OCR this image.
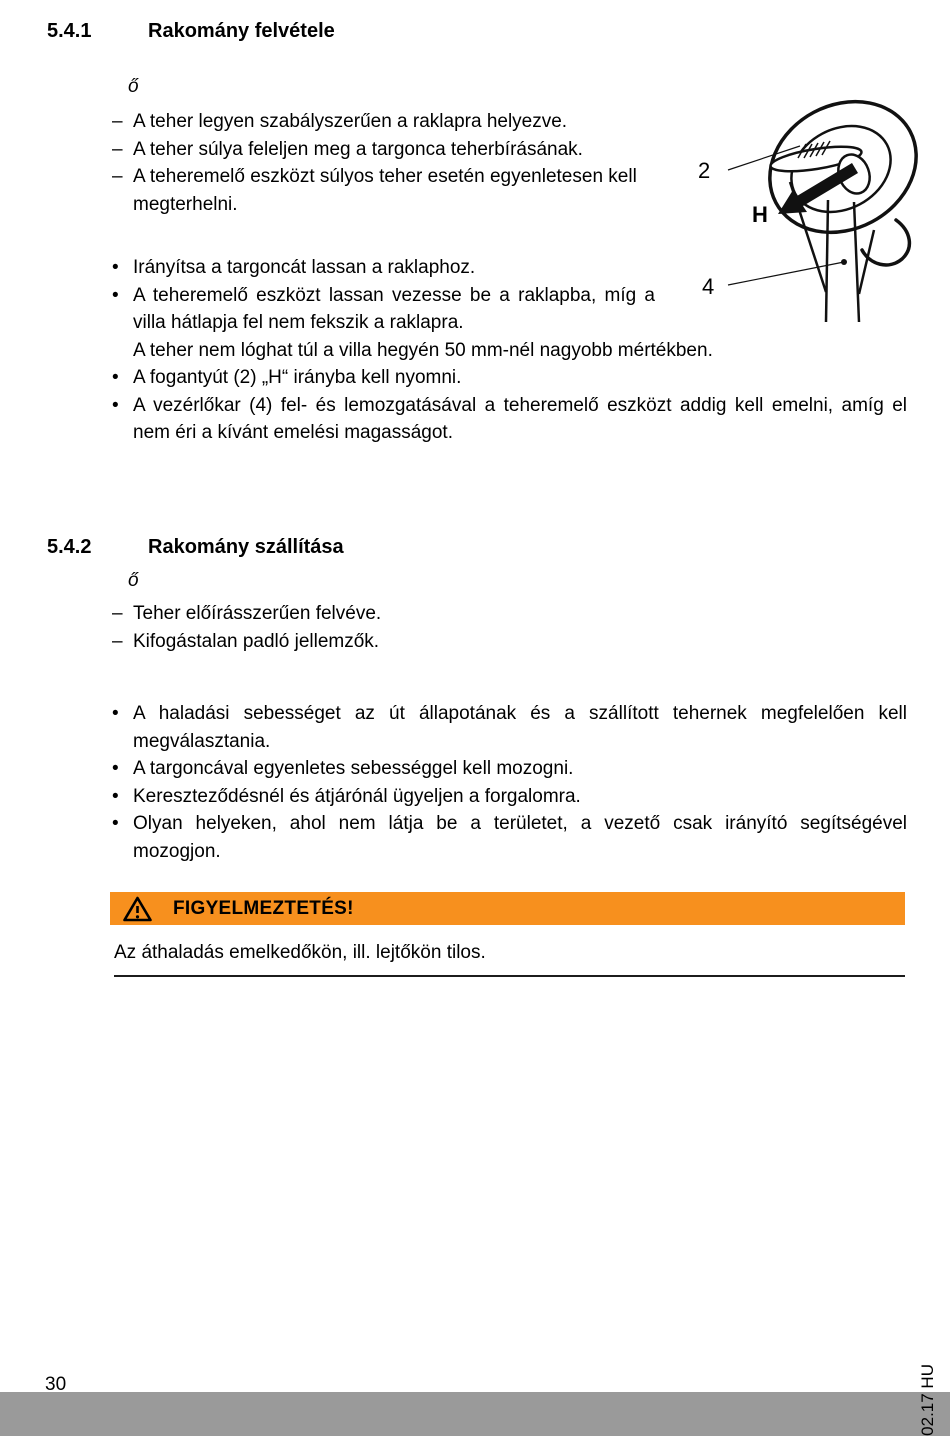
5.4.1	Rakomány felvétele
ő
– A teher legyen szabályszerűen a raklapra helyezve.
– A teher súlya feleljen meg a targonca teherbírásának.
– A teheremelő eszközt súlyos teher esetén egyenletesen kell megterhelni.
• Irányítsa a targoncát lassan a raklaphoz.
• A teheremelő eszközt lassan vezesse be a raklapba, míg a villa hátlapja fel nem fekszik a raklapra.
A teher nem lóghat túl a villa hegyén 50 mm-nél nagyobb mértékben.
• A fogantyút (2) „H“ irányba kell nyomni.
• A vezérlőkar (4) fel- és lemozgatásával a teheremelő eszközt addig kell emelni, amíg el nem éri a kívánt emelési magasságot.
2
H
4
5.4.2	Rakomány szállítása
ő
– Teher előírásszerűen felvéve.
– Kifogástalan padló jellemzők.
• A haladási sebességet az út állapotának és a szállított tehernek megfelelően kell megválasztania.
• A targoncával egyenletes sebességgel kell mozogni.
• Kereszteződésnél és átjárónál ügyeljen a forgalomra.
• Olyan helyeken, ahol nem látja be a területet, a vezető csak irányító segítségével mozogjon.
FIGYELMEZTETÉS!
Az áthaladás emelkedőkön, ill. lejtőkön tilos.
30	02.17 HU
